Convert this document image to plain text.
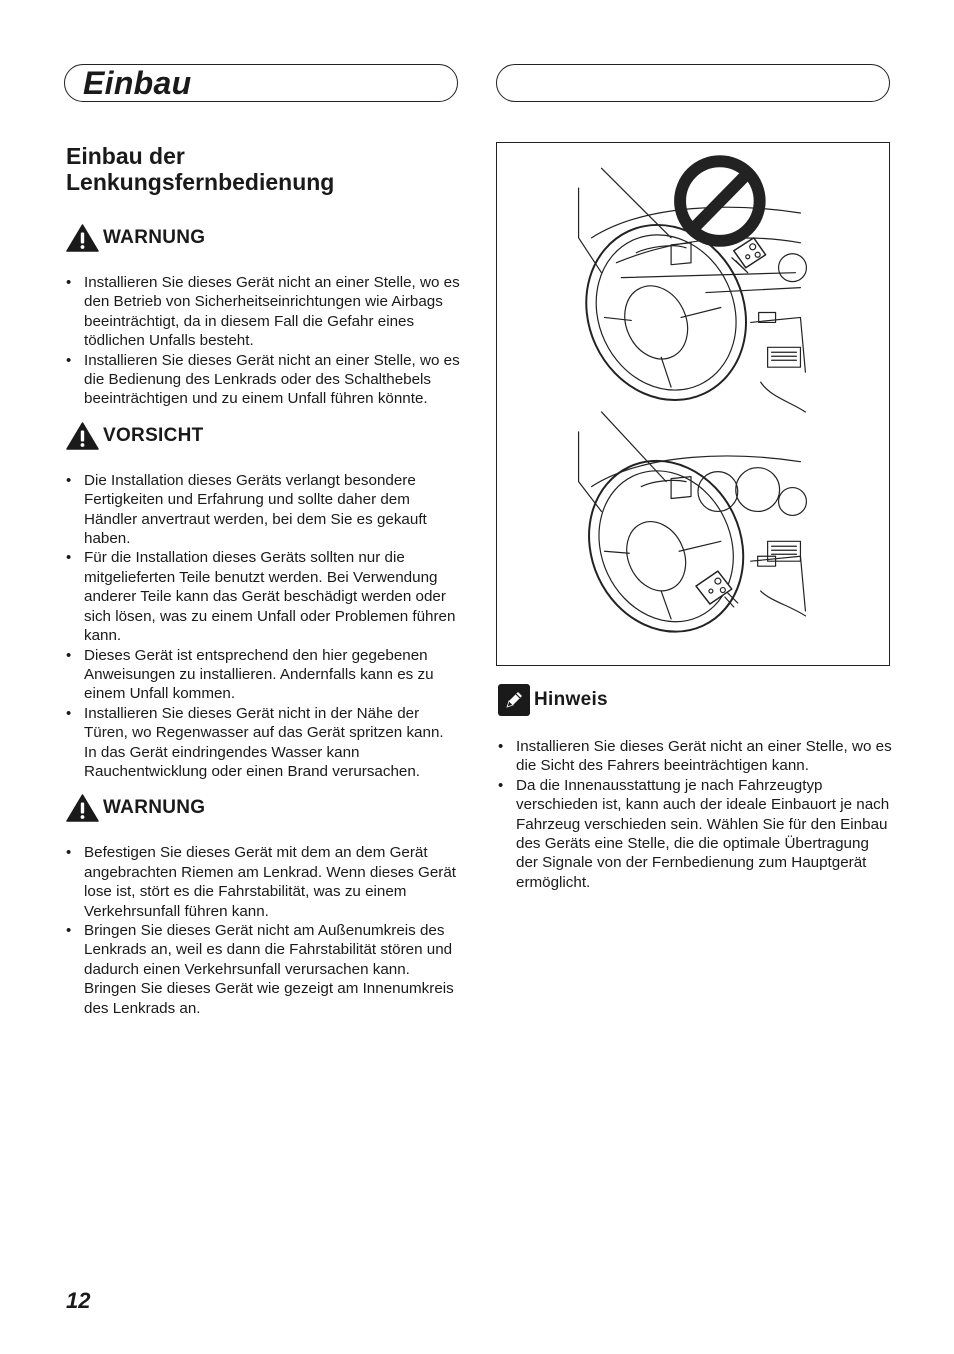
Einbau
Einbau der Lenkungsfernbedienung
WARNUNG
• Installieren Sie dieses Gerät nicht an einer Stelle, wo es den Betrieb von Sicherheitseinrichtungen wie Airbags beeinträchtigt, da in diesem Fall die Gefahr eines tödlichen Unfalls besteht.
• Installieren Sie dieses Gerät nicht an einer Stelle, wo es die Bedienung des Lenkrads oder des Schalthebels beeinträchtigen und zu einem Unfall führen könnte.
VORSICHT
• Die Installation dieses Geräts verlangt besondere Fertigkeiten und Erfahrung und sollte daher dem Händler anvertraut werden, bei dem Sie es gekauft haben.
• Für die Installation dieses Geräts sollten nur die mitgelieferten Teile benutzt werden. Bei Verwendung anderer Teile kann das Gerät beschädigt werden oder sich lösen, was zu einem Unfall oder Problemen führen kann.
• Dieses Gerät ist entsprechend den hier gegebenen Anweisungen zu installieren. Andernfalls kann es zu einem Unfall kommen.
• Installieren Sie dieses Gerät nicht in der Nähe der Türen, wo Regenwasser auf das Gerät spritzen kann. In das Gerät eindringendes Wasser kann Rauchentwicklung oder einen Brand verursachen.
WARNUNG
• Befestigen Sie dieses Gerät mit dem an dem Gerät angebrachten Riemen am Lenkrad. Wenn dieses Gerät lose ist, stört es die Fahrstabilität, was zu einem Verkehrsunfall führen kann.
• Bringen Sie dieses Gerät nicht am Außenumkreis des Lenkrads an, weil es dann die Fahrstabilität stören und dadurch einen Verkehrsunfall verursachen kann. Bringen Sie dieses Gerät wie gezeigt am Innenumkreis des Lenkrads an.
Hinweis
• Installieren Sie dieses Gerät nicht an einer Stelle, wo es die Sicht des Fahrers beeinträchtigen kann.
• Da die Innenausstattung je nach Fahrzeugtyp verschieden ist, kann auch der ideale Einbauort je nach Fahrzeug verschieden sein. Wählen Sie für den Einbau des Geräts eine Stelle, die die optimale Übertragung der Signale von der Fernbedienung zum Hauptgerät ermöglicht.
12
